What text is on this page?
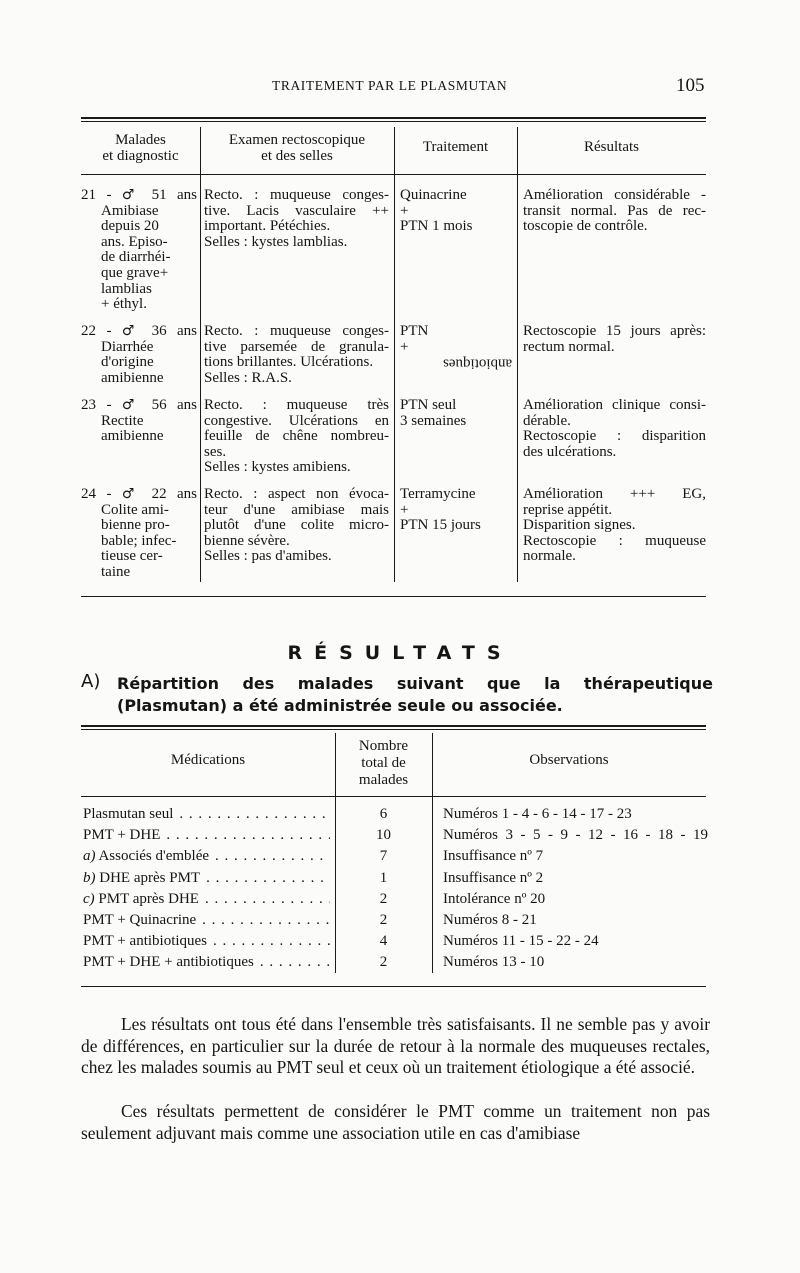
TRAITEMENT PAR LE PLASMUTAN	105
Malades
et diagnostic
Examen rectoscopique
et des selles
Traitement	Résultats
21 - ♂ 51 ans
Amibiase
depuis 20
ans. Episo-
de diarrhéi-
que grave+
lamblias
+ éthyl.
Recto. : muqueuse conges-
tive. Lacis vasculaire ++
important. Pétéchies.
Selles : kystes lamblias.
Quinacrine
+
PTN 1 mois
Amélioration considérable -
transit normal. Pas de rec-
toscopie de contrôle.
22 - ♂ 36 ans
Diarrhée
d'origine
amibienne
Recto. : muqueuse conges-
tive parsemée de granula-
tions brillantes. Ulcérations.
Selles : R.A.S.
PTN
+
anbiotiques
Rectoscopie 15 jours après:
rectum normal.
23 - ♂ 56 ans
Rectite
amibienne
Recto. : muqueuse très
congestive. Ulcérations en
feuille de chêne nombreu-
ses.
Selles : kystes amibiens.
PTN seul
3 semaines
Amélioration clinique consi-
dérable.
Rectoscopie : disparition
des ulcérations.
24 - ♂ 22 ans
Colite ami-
bienne pro-
bable; infec-
tieuse cer-
taine
Recto. : aspect non évoca-
teur d'une amibiase mais
plutôt d'une colite micro-
bienne sévère.
Selles : pas d'amibes.
Terramycine
+
PTN 15 jours
Amélioration +++ EG,
reprise appétit.
Disparition signes.
Rectoscopie : muqueuse
normale.
RÉSULTATS
A) Répartition des malades suivant que la thérapeutique (Plasmutan) a été administrée seule ou associée.
Médications
Nombre
total de
malades
Observations
Plasmutan seul
. . .
PMT + DHE
. . .
a) Associés d'emblée
. . .
b) DHE après PMT
. . .
c) PMT après DHE
. . .
PMT + Quinacrine
. . .
PMT + antibiotiques
. . .
PMT + DHE + antibiotiques
. . .
6
10
7
1
2
2
4
2
Numéros 1 - 4 - 6 - 14 - 17 - 23
Numéros 3 - 5 - 9 - 12 - 16 - 18 - 19
Insuffisance nº 7
Insuffisance nº 2
Intolérance nº 20
Numéros 8 - 21
Numéros 11 - 15 - 22 - 24
Numéros 13 - 10
Les résultats ont tous été dans l'ensemble très satisfaisants. Il ne semble pas y avoir de différences, en particulier sur la durée de retour à la normale des muqueuses rectales, chez les malades soumis au PMT seul et ceux où un traitement étiologique a été associé.
Ces résultats permettent de considérer le PMT comme un traitement non pas seulement adjuvant mais comme une association utile en cas d'amibiase
